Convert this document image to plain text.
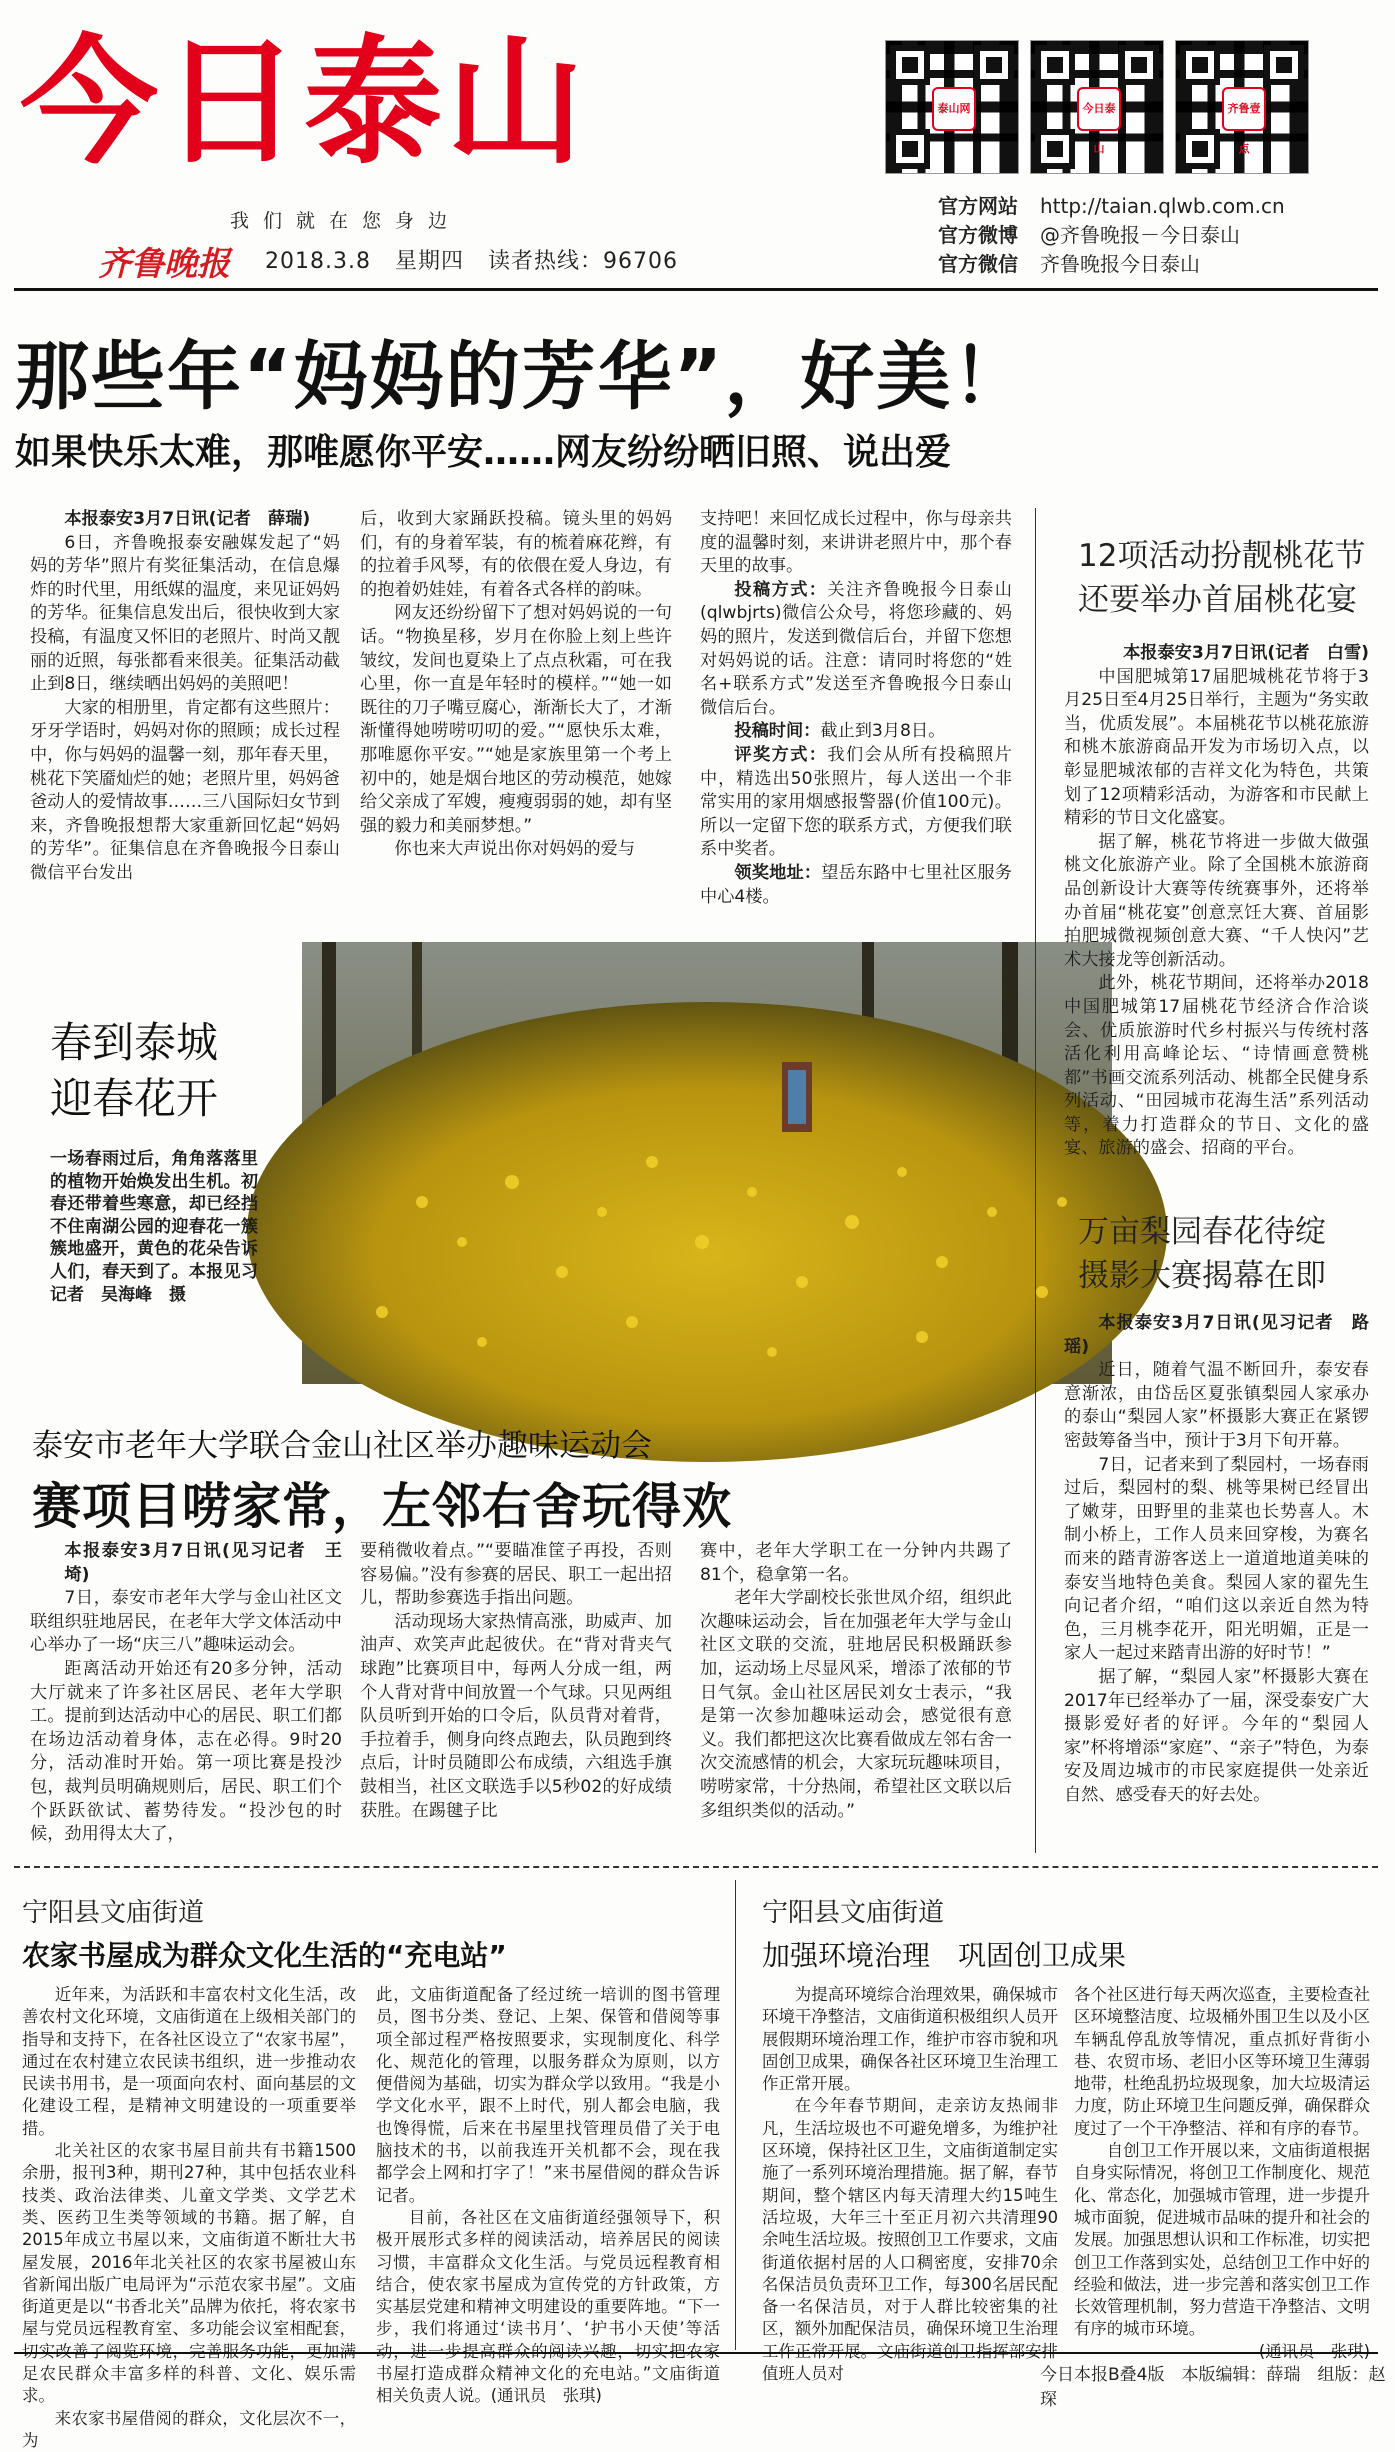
今日泰山
我们就在您身边
齐鲁晚报 2018.3.8 星期四 读者热线：96706
泰山网	今日泰山
齐鲁壹点
官方网站 http://taian.qlwb.com.cn
官方微博 @齐鲁晚报－今日泰山
官方微信 齐鲁晚报今日泰山
那些年“妈妈的芳华”，好美！
如果快乐太难，那唯愿你平安……网友纷纷晒旧照、说出爱

本报泰安3月7日讯(记者　薛瑞)

6日，齐鲁晚报泰安融媒发起了“妈妈的芳华”照片有奖征集活动，在信息爆炸的时代里，用纸媒的温度，来见证妈妈的芳华。征集信息发出后，很快收到大家投稿，有温度又怀旧的老照片、时尚又靓丽的近照，每张都看来很美。征集活动截止到8日，继续晒出妈妈的美照吧！

大家的相册里，肯定都有这些照片：牙牙学语时，妈妈对你的照顾；成长过程中，你与妈妈的温馨一刻，那年春天里，桃花下笑靥灿烂的她；老照片里，妈妈爸爸动人的爱情故事……三八国际妇女节到来，齐鲁晚报想帮大家重新回忆起“妈妈的芳华”。征集信息在齐鲁晚报今日泰山微信平台发出

后，收到大家踊跃投稿。镜头里的妈妈们，有的身着军装，有的梳着麻花辫，有的拉着手风琴，有的依偎在爱人身边，有的抱着奶娃娃，有着各式各样的韵味。

网友还纷纷留下了想对妈妈说的一句话。“物换星移，岁月在你脸上刻上些许皱纹，发间也夏染上了点点秋霜，可在我心里，你一直是年轻时的模样。”“她一如既往的刀子嘴豆腐心，渐渐长大了，才渐渐懂得她唠唠叨叨的爱。”“愿快乐太难，那唯愿你平安。”“她是家族里第一个考上初中的，她是烟台地区的劳动模范，她嫁给父亲成了军嫂，瘦瘦弱弱的她，却有坚强的毅力和美丽梦想。”

你也来大声说出你对妈妈的爱与

支持吧！来回忆成长过程中，你与母亲共度的温馨时刻，来讲讲老照片中，那个春天里的故事。

投稿方式：关注齐鲁晚报今日泰山(qlwbjrts)微信公众号，将您珍藏的、妈妈的照片，发送到微信后台，并留下您想对妈妈说的话。注意：请同时将您的“姓名+联系方式”发送至齐鲁晚报今日泰山微信后台。

投稿时间：截止到3月8日。

评奖方式：我们会从所有投稿照片中，精选出50张照片，每人送出一个非常实用的家用烟感报警器(价值100元)。所以一定留下您的联系方式，方便我们联系中奖者。

领奖地址：望岳东路中七里社区服务中心4楼。

春到泰城
迎春花开
一场春雨过后，角角落落里的植物开始焕发出生机。初春还带着些寒意，却已经挡不住南湖公园的迎春花一簇簇地盛开，黄色的花朵告诉人们，春天到了。本报见习记者　吴海峰　摄
12项活动扮靓桃花节
还要举办首届桃花宴

本报泰安3月7日讯(记者　白雪)

中国肥城第17届肥城桃花节将于3月25日至4月25日举行，主题为“务实敢当，优质发展”。本届桃花节以桃花旅游和桃木旅游商品开发为市场切入点，以彰显肥城浓郁的吉祥文化为特色，共策划了12项精彩活动，为游客和市民献上精彩的节日文化盛宴。

据了解，桃花节将进一步做大做强桃文化旅游产业。除了全国桃木旅游商品创新设计大赛等传统赛事外，还将举办首届“桃花宴”创意烹饪大赛、首届影拍肥城微视频创意大赛、“千人快闪”艺术大接龙等创新活动。

此外，桃花节期间，还将举办2018中国肥城第17届桃花节经济合作洽谈会、优质旅游时代乡村振兴与传统村落活化利用高峰论坛、“诗情画意赞桃都”书画交流系列活动、桃都全民健身系列活动、“田园城市花海生活”系列活动等，着力打造群众的节日、文化的盛宴、旅游的盛会、招商的平台。

万亩梨园春花待绽
摄影大赛揭幕在即

本报泰安3月7日讯(见习记者　路瑶)

近日，随着气温不断回升，泰安春意渐浓，由岱岳区夏张镇梨园人家承办的泰山“梨园人家”杯摄影大赛正在紧锣密鼓筹备当中，预计于3月下旬开幕。

7日，记者来到了梨园村，一场春雨过后，梨园村的梨、桃等果树已经冒出了嫩芽，田野里的韭菜也长势喜人。木制小桥上，工作人员来回穿梭，为赛名而来的踏青游客送上一道道地道美味的泰安当地特色美食。梨园人家的翟先生向记者介绍，“咱们这以亲近自然为特色，三月桃李花开，阳光明媚，正是一家人一起过来踏青出游的好时节！”

据了解，“梨园人家”杯摄影大赛在2017年已经举办了一届，深受泰安广大摄影爱好者的好评。今年的“梨园人家”杯将增添“家庭”、“亲子”特色，为泰安及周边城市的市民家庭提供一处亲近自然、感受春天的好去处。

泰安市老年大学联合金山社区举办趣味运动会
赛项目唠家常，左邻右舍玩得欢

本报泰安3月7日讯(见习记者　王埼)

7日，泰安市老年大学与金山社区文联组织驻地居民，在老年大学文体活动中心举办了一场“庆三八”趣味运动会。

距离活动开始还有20多分钟，活动大厅就来了许多社区居民、老年大学职工。提前到达活动中心的居民、职工们都在场边活动着身体，志在必得。9时20分，活动准时开始。第一项比赛是投沙包，裁判员明确规则后，居民、职工们个个跃跃欲试、蓄势待发。“投沙包的时候，劲用得太大了，

要稍微收着点。”“要瞄准筐子再投，否则容易偏。”没有参赛的居民、职工一起出招儿，帮助参赛选手指出问题。

活动现场大家热情高涨，助威声、加油声、欢笑声此起彼伏。在“背对背夹气球跑”比赛项目中，每两人分成一组，两个人背对背中间放置一个气球。只见两组队员听到开始的口令后，队员背对着背，手拉着手，侧身向终点跑去，队员跑到终点后，计时员随即公布成绩，六组选手旗鼓相当，社区文联选手以5秒02的好成绩获胜。在踢毽子比

赛中，老年大学职工在一分钟内共踢了81个，稳拿第一名。

老年大学副校长张世凤介绍，组织此次趣味运动会，旨在加强老年大学与金山社区文联的交流，驻地居民积极踊跃参加，运动场上尽显风采，增添了浓郁的节日气氛。金山社区居民刘女士表示，“我是第一次参加趣味运动会，感觉很有意义。我们都把这次比赛看做成左邻右舍一次交流感情的机会，大家玩玩趣味项目，唠唠家常，十分热闹，希望社区文联以后多组织类似的活动。”

宁阳县文庙街道
农家书屋成为群众文化生活的“充电站”

近年来，为活跃和丰富农村文化生活，改善农村文化环境，文庙街道在上级相关部门的指导和支持下，在各社区设立了“农家书屋”，通过在农村建立农民读书组织，进一步推动农民读书用书，是一项面向农村、面向基层的文化建设工程，是精神文明建设的一项重要举措。

北关社区的农家书屋目前共有书籍1500余册，报刊3种，期刊27种，其中包括农业科技类、政治法律类、儿童文学类、文学艺术类、医药卫生类等领域的书籍。据了解，自2015年成立书屋以来，文庙街道不断壮大书屋发展，2016年北关社区的农家书屋被山东省新闻出版广电局评为“示范农家书屋”。文庙街道更是以“书香北关”品牌为依托，将农家书屋与党员远程教育室、多功能会议室相配套， 足农民群众丰富多样的科普、文化、娱乐需求。

来农家书屋借阅的群众，文化层次不一，为

此，文庙街道配备了经过统一培训的图书管理员，图书分类、登记、上架、保管和借阅等事项全部过程严格按照要求，实现制度化、科学化、规范化的管理，以服务群众为原则，以方便借阅为基础，切实为群众学以致用。“我是小学文化水平，跟不上时代，别人都会电脑，我也馋得慌，后来在书屋里找管理员借了关于电脑技术的书，以前我连开关机都不会，现在我都学会上网和打字了！”来书屋借阅的群众告诉记者。

目前，各社区在文庙街道经强领导下，积极开展形式多样的阅读活动，培养居民的阅读习惯，丰富群众文化生活。与党员远程教育相结合，使农家书屋成为宣传党的方针政策，方实基层党建和精神文明建设的重要阵地。“下一步，我们将通过‘读书月’、‘护书小天使’等活 书屋打造成群众精神文化的充电站。”文庙街道相关负责人说。(通讯员　张琪)

宁阳县文庙街道
加强环境治理　巩固创卫成果

为提高环境综合治理效果，确保城市环境干净整洁，文庙街道积极组织人员开展假期环境治理工作，维护市容市貌和巩固创卫成果，确保各社区环境卫生治理工作正常开展。

在今年春节期间，走亲访友热闹非凡，生活垃圾也不可避免增多，为维护社区环境，保持社区卫生，文庙街道制定实施了一系列环境治理措施。据了解，春节期间，整个辖区内每天清理大约15吨生活垃圾，大年三十至正月初六共清理90余吨生活垃圾。按照创卫工作要求，文庙街道依据村居的人口稠密度，安排70余名保洁员负责环卫工作，每300名居民配备一名保洁员，对于人群比较密集的社区，额外加配保洁员，确保环境卫生治理 值班人员对

各个社区进行每天两次巡查，主要检查社区环境整洁度、垃圾桶外围卫生以及小区车辆乱停乱放等情况，重点抓好背街小巷、农贸市场、老旧小区等环境卫生薄弱地带，杜绝乱扔垃圾现象，加大垃圾清运力度，防止环境卫生问题反弹，确保群众度过了一个干净整洁、祥和有序的春节。

自创卫工作开展以来，文庙街道根据自身实际情况，将创卫工作制度化、规范化、常态化，加强城市管理，进一步提升城市面貌，促进城市品味的提升和社会的发展。加强思想认识和工作标准，切实把创卫工作落到实处，总结创卫工作中好的经验和做法，进一步完善和落实创卫工作长效管理机制，努力营造干净整洁、文明有序的城市环境。

今日本报B叠4版　本版编辑：薛瑞　组版：赵琛
